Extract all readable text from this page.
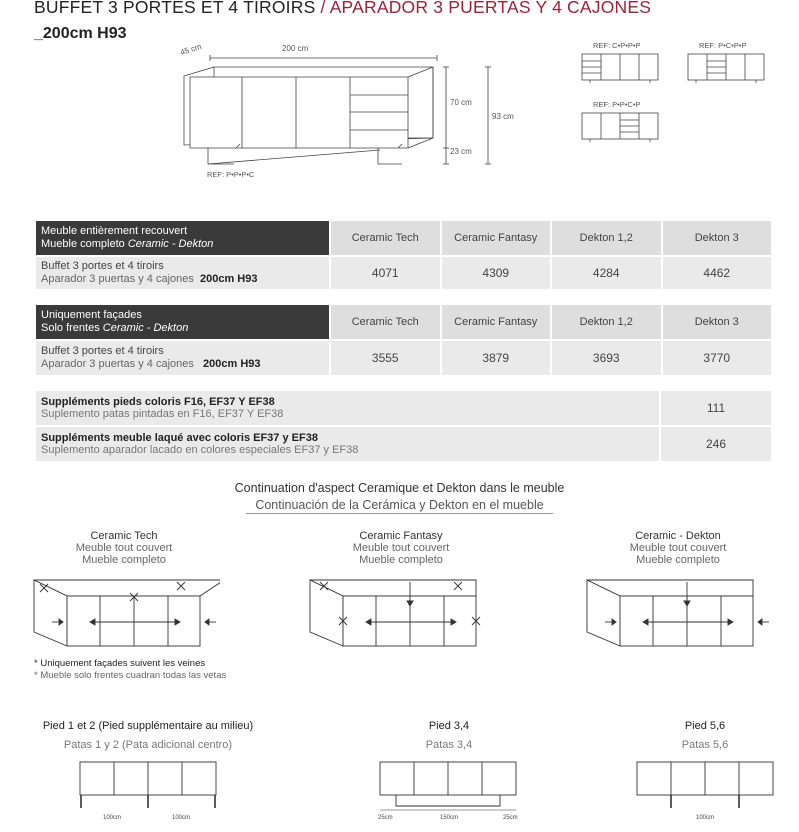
BUFFET 3 PORTES ET 4 TIROIRS / APARADOR 3 PUERTAS Y 4 CAJONES
_200cm H93
45 cm	200 cm
70 cm
93 cm
23 cm
REF: P•P•P•C
REF: C•P•P•P	REF: P•C•P•P
REF: P•P•C•P
Meuble entièrement recouvert
Mueble completo Ceramic - Dekton	Ceramic Tech	Ceramic Fantasy	Dekton 1,2	Dekton 3

Buffet 3 portes et 4 tiroirs
Aparador 3 puertas y 4 cajones 200cm H93	4071	4309	4284	4462
Uniquement façades
Solo frentes Ceramic - Dekton	Ceramic Tech	Ceramic Fantasy	Dekton 1,2	Dekton 3

Buffet 3 portes et 4 tiroirs
Aparador 3 puertas y 4 cajones 200cm H93	3555	3879	3693	3770
Suppléments pieds coloris F16, EF37 Y EF38
Suplemento patas pintadas en F16, EF37 Y EF38	111

Suppléments meuble laqué avec coloris EF37 y EF38
Suplemento aparador lacado en colores especiales EF37 y EF38	246
Continuation d'aspect Ceramique et Dekton dans le meuble
Continuación de la Cerámica y Dekton en el mueble
Ceramic Tech
Meuble tout couvert
Mueble completo
Ceramic Fantasy
Meuble tout couvert
Mueble completo
Ceramic - Dekton
Meuble tout couvert
Mueble completo
* Uniquement façades suivent les veines
* Mueble solo frentes cuadran todas las vetas
Pied 1 et 2 (Pied supplémentaire au milieu)
Patas 1 y 2 (Pata adicional centro)
Pied 3,4
Patas 3,4
Pied 5,6
Patas 5,6
100cm	100cm	25cm	150cm	25cm	100cm
